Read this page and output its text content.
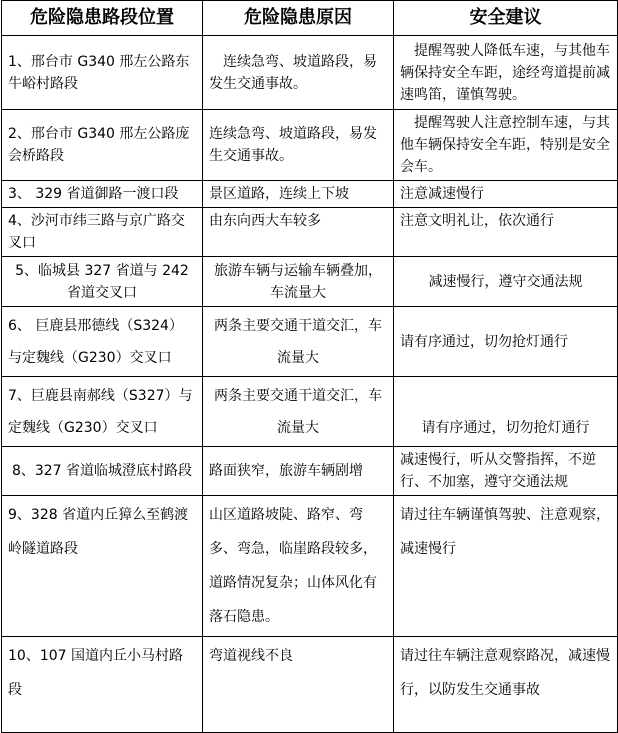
危险隐患路段位置	危险隐患原因	安全建议
1、邢台市 G340 邢左公路东牛峪村路段	连续急弯、坡道路段，易发生交通事故。	提醒驾驶人降低车速，与其他车辆保持安全车距，途经弯道提前减速鸣笛，谨慎驾驶。
2、邢台市 G340 邢左公路庞会桥路段	连续急弯、坡道路段，易发生交通事故。	提醒驾驶人注意控制车速，与其他车辆保持安全车距，特别是安全会车。
3、 329 省道御路一渡口段	景区道路，连续上下坡	注意减速慢行
4、沙河市纬三路与京广路交叉口	由东向西大车较多	注意文明礼让，依次通行
5、临城县 327 省道与 242 省道交叉口	旅游车辆与运输车辆叠加，车流量大	减速慢行，遵守交通法规
6、 巨鹿县邢德线（S324）与定魏线（G230）交叉口	两条主要交通干道交汇，车流量大	请有序通过，切勿抢灯通行
7、巨鹿县南郝线（S327）与定魏线（G230）交叉口	两条主要交通干道交汇，车流量大	请有序通过，切勿抢灯通行
8、327 省道临城澄底村路段	路面狭窄，旅游车辆剧增	减速慢行，听从交警指挥，不逆行、不加塞，遵守交通法规
9、328 省道内丘獐么至鹤渡岭隧道路段	山区道路坡陡、路窄、弯多、弯急，临崖路段较多，道路情况复杂；山体风化有落石隐患。	请过往车辆谨慎驾驶、注意观察，减速慢行
10、107 国道内丘小马村路段	弯道视线不良	请过往车辆注意观察路况，减速慢行，以防发生交通事故
